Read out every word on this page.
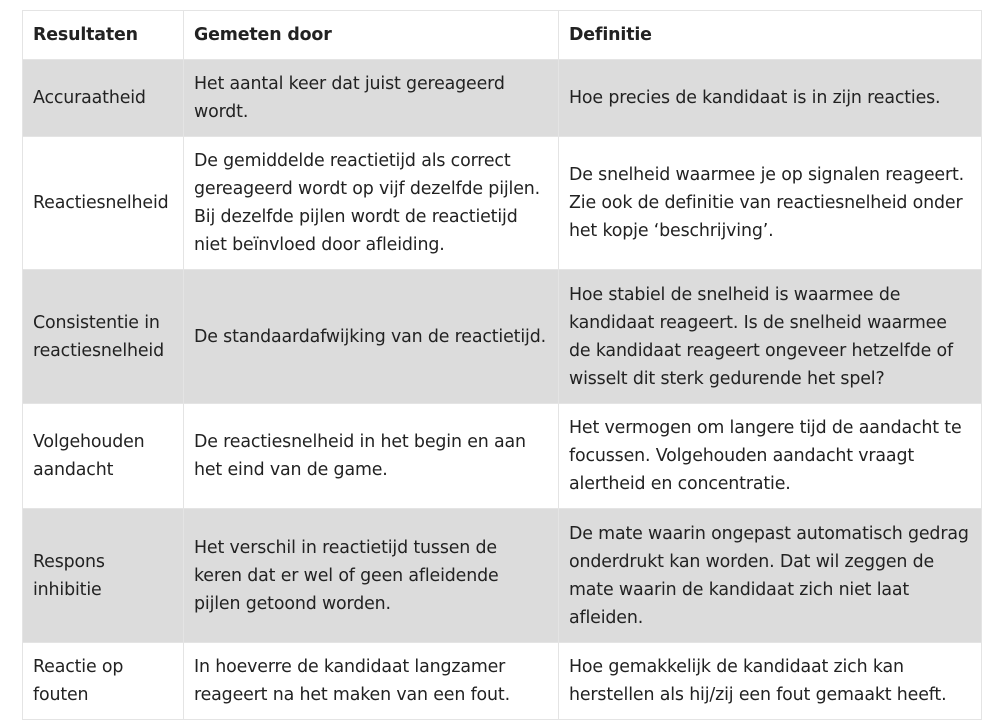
Resultaten	Gemeten door	Definitie
Accuraatheid	Het aantal keer dat juist gereageerd wordt.	Hoe precies de kandidaat is in zijn reacties.
Reactiesnelheid	De gemiddelde reactietijd als correct gereageerd wordt op vijf dezelfde pijlen. Bij dezelfde pijlen wordt de reactietijd niet beïnvloed door afleiding.	De snelheid waarmee je op signalen reageert. Zie ook de definitie van reactiesnelheid onder het kopje ‘beschrijving’.
Consistentie in reactiesnelheid	De standaardafwijking van de reactietijd.	Hoe stabiel de snelheid is waarmee de kandidaat reageert. Is de snelheid waarmee de kandidaat reageert ongeveer hetzelfde of wisselt dit sterk gedurende het spel?
Volgehouden aandacht	De reactiesnelheid in het begin en aan het eind van de game.	Het vermogen om langere tijd de aandacht te focussen. Volgehouden aandacht vraagt alertheid en concentratie.
Respons inhibitie	Het verschil in reactietijd tussen de keren dat er wel of geen afleidende pijlen getoond worden.	De mate waarin ongepast automatisch gedrag onderdrukt kan worden. Dat wil zeggen de mate waarin de kandidaat zich niet laat afleiden.
Reactie op fouten	In hoeverre de kandidaat langzamer reageert na het maken van een fout.	Hoe gemakkelijk de kandidaat zich kan herstellen als hij/zij een fout gemaakt heeft.
